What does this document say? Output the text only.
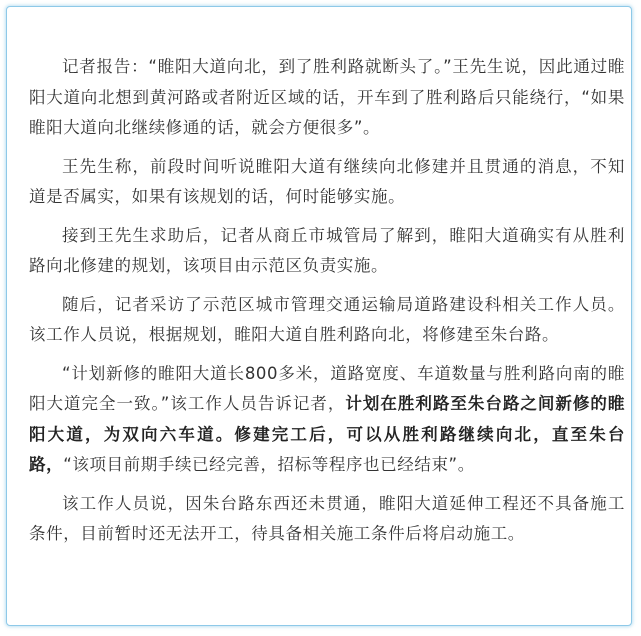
记者报告：“睢阳大道向北，到了胜利路就断头了。”王先生说，因此通过睢阳大道向北想到黄河路或者附近区域的话，开车到了胜利路后只能绕行，“如果睢阳大道向北继续修通的话，就会方便很多”。

王先生称，前段时间听说睢阳大道有继续向北修建并且贯通的消息，不知道是否属实，如果有该规划的话，何时能够实施。

接到王先生求助后，记者从商丘市城管局了解到，睢阳大道确实有从胜利路向北修建的规划，该项目由示范区负责实施。

随后，记者采访了示范区城市管理交通运输局道路建设科相关工作人员。该工作人员说，根据规划，睢阳大道自胜利路向北，将修建至朱台路。

“计划新修的睢阳大道长800多米，道路宽度、车道数量与胜利路向南的睢阳大道完全一致。”该工作人员告诉记者，计划在胜利路至朱台路之间新修的睢阳大道，为双向六车道。修建完工后，可以从胜利路继续向北，直至朱台路，“该项目前期手续已经完善，招标等程序也已经结束”。

该工作人员说，因朱台路东西还未贯通，睢阳大道延伸工程还不具备施工条件，目前暂时还无法开工，待具备相关施工条件后将启动施工。
